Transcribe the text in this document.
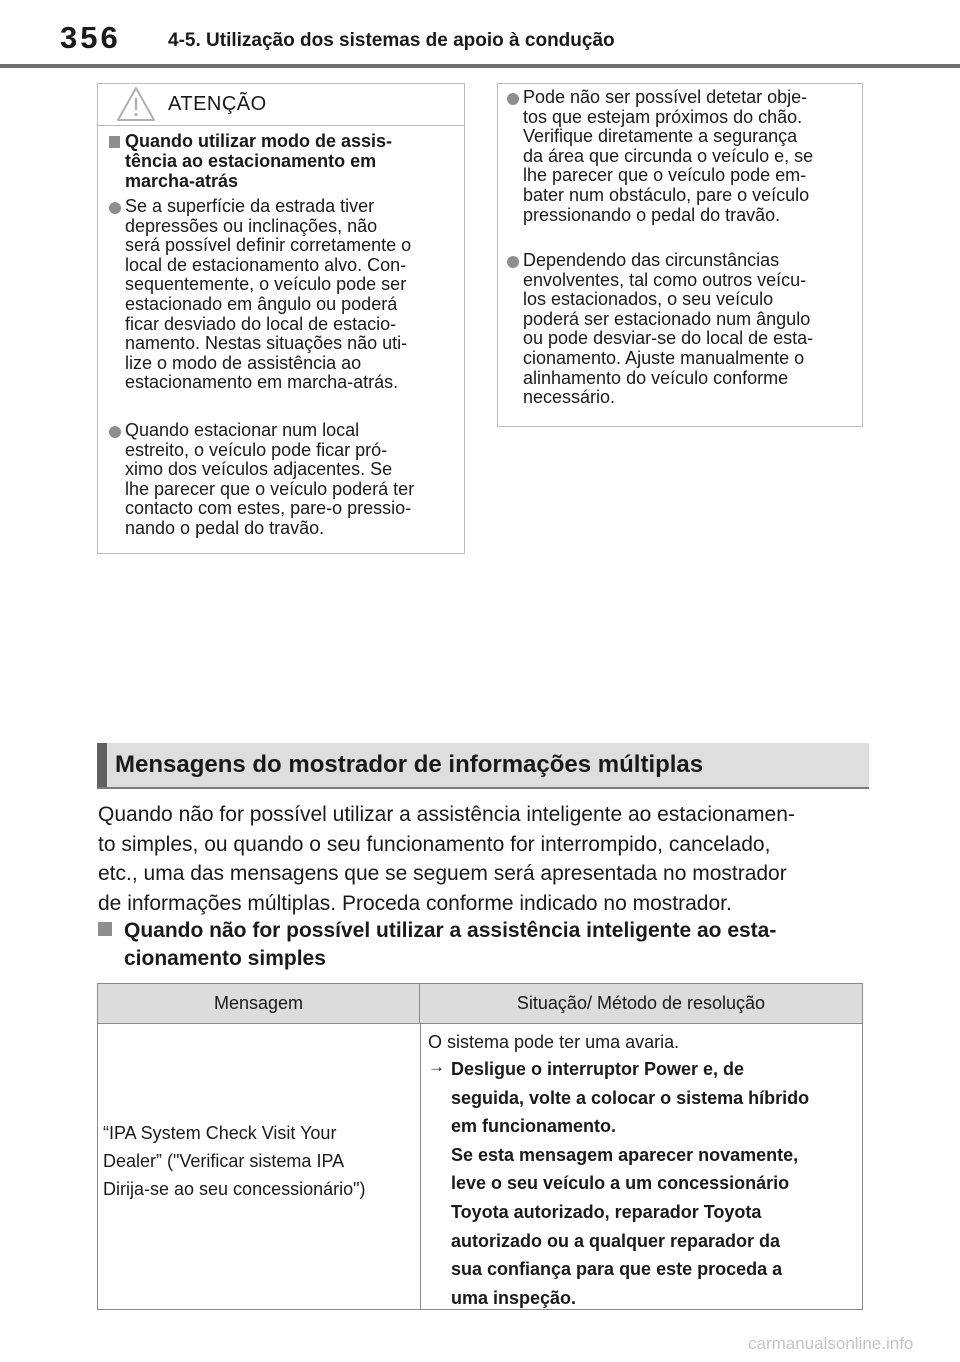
356 4-5. Utilização dos sistemas de apoio à condução
ATENÇÃO
Quando utilizar modo de assis-
tência ao estacionamento em
marcha-atrás
Se a superfície da estrada tiver
depressões ou inclinações, não
será possível definir corretamente o
local de estacionamento alvo. Con-
sequentemente, o veículo pode ser
estacionado em ângulo ou poderá
ficar desviado do local de estacio-
namento. Nestas situações não uti-
lize o modo de assistência ao
estacionamento em marcha-atrás.
Quando estacionar num local
estreito, o veículo pode ficar pró-
ximo dos veículos adjacentes. Se
lhe parecer que o veículo poderá ter
contacto com estes, pare-o pressio-
nando o pedal do travão.
Pode não ser possível detetar obje-
tos que estejam próximos do chão.
Verifique diretamente a segurança
da área que circunda o veículo e, se
lhe parecer que o veículo pode em-
bater num obstáculo, pare o veículo
pressionando o pedal do travão.
Dependendo das circunstâncias
envolventes, tal como outros veícu-
los estacionados, o seu veículo
poderá ser estacionado num ângulo
ou pode desviar-se do local de esta-
cionamento. Ajuste manualmente o
alinhamento do veículo conforme
necessário.
Mensagens do mostrador de informações múltiplas
Quando não for possível utilizar a assistência inteligente ao estacionamen-
to simples, ou quando o seu funcionamento for interrompido, cancelado,
etc., uma das mensagens que se seguem será apresentada no mostrador
de informações múltiplas. Proceda conforme indicado no mostrador.
Quando não for possível utilizar a assistência inteligente ao esta-
cionamento simples
Mensagem	Situação/ Método de resolução
“IPA System Check Visit Your
Dealer” ("Verificar sistema IPA
Dirija-se ao seu concessionário")
O sistema pode ter uma avaria.
→ Desligue o interruptor Power e, de
seguida, volte a colocar o sistema híbrido
em funcionamento.
Se esta mensagem aparecer novamente,
leve o seu veículo a um concessionário
Toyota autorizado, reparador Toyota
autorizado ou a qualquer reparador da
sua confiança para que este proceda a
uma inspeção.
carmanualsonline.info
